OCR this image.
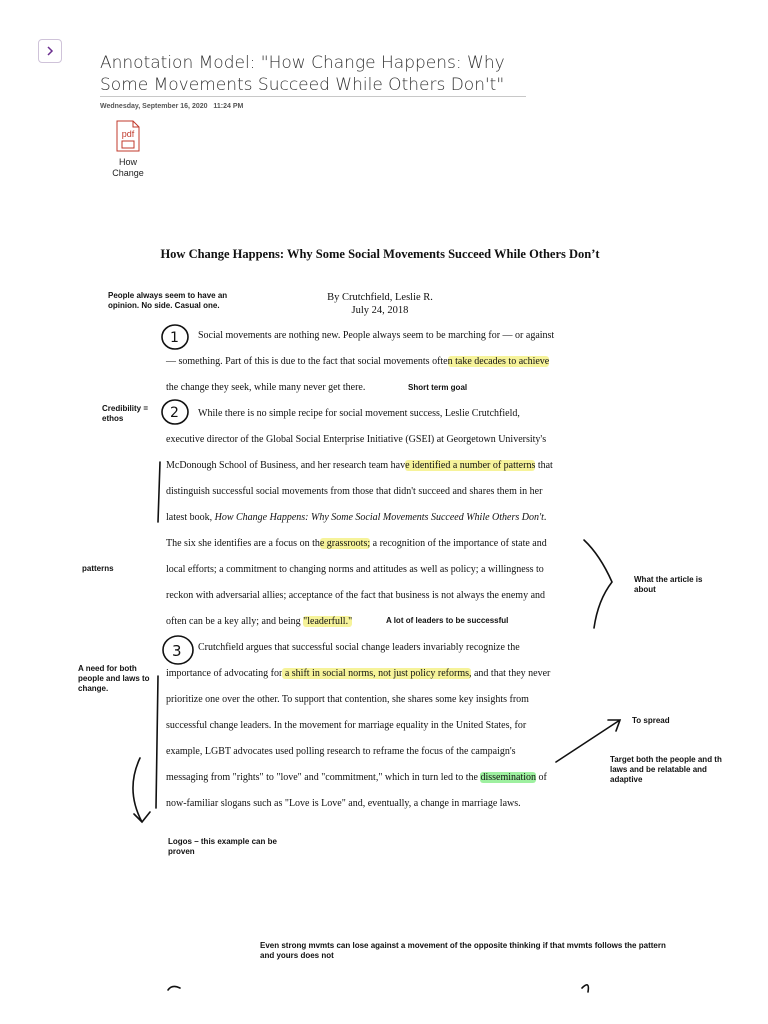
Annotation Model: "How Change Happens: Why Some Movements Succeed While Others Don't"
Wednesday, September 16, 2020 11:24 PM
pdf
How Change
How Change Happens: Why Some Social Movements Succeed While Others Don’t
By Crutchfield, Leslie R.
July 24, 2018
Social movements are nothing new. People always seem to be marching for — or against
— something. Part of this is due to the fact that social movements often take decades to achieve
the change they seek, while many never get there.
While there is no simple recipe for social movement success, Leslie Crutchfield,
executive director of the Global Social Enterprise Initiative (GSEI) at Georgetown University's
McDonough School of Business, and her research team have identified a number of patterns that
distinguish successful social movements from those that didn't succeed and shares them in her
latest book, How Change Happens: Why Some Social Movements Succeed While Others Don't.
The six she identifies are a focus on the grassroots; a recognition of the importance of state and
local efforts; a commitment to changing norms and attitudes as well as policy; a willingness to
reckon with adversarial allies; acceptance of the fact that business is not always the enemy and
often can be a key ally; and being "leaderfull."
Crutchfield argues that successful social change leaders invariably recognize the
importance of advocating for a shift in social norms, not just policy reforms, and that they never
prioritize one over the other. To support that contention, she shares some key insights from
successful change leaders. In the movement for marriage equality in the United States, for
example, LGBT advocates used polling research to reframe the focus of the campaign's
messaging from "rights" to "love" and "commitment," which in turn led to the dissemination of
now-familiar slogans such as "Love is Love" and, eventually, a change in marriage laws.
People always seem to have an opinion. No side. Casual one.
Short term goal
Credibility = ethos
patterns
What the article is about
A lot of leaders to be successful
A need for both people and laws to change.
To spread
Target both the people and th laws and be relatable and adaptive
Logos – this example can be proven
Even strong mvmts can lose against a movement of the opposite thinking if that mvmts follows the pattern and yours does not
1
2
3
